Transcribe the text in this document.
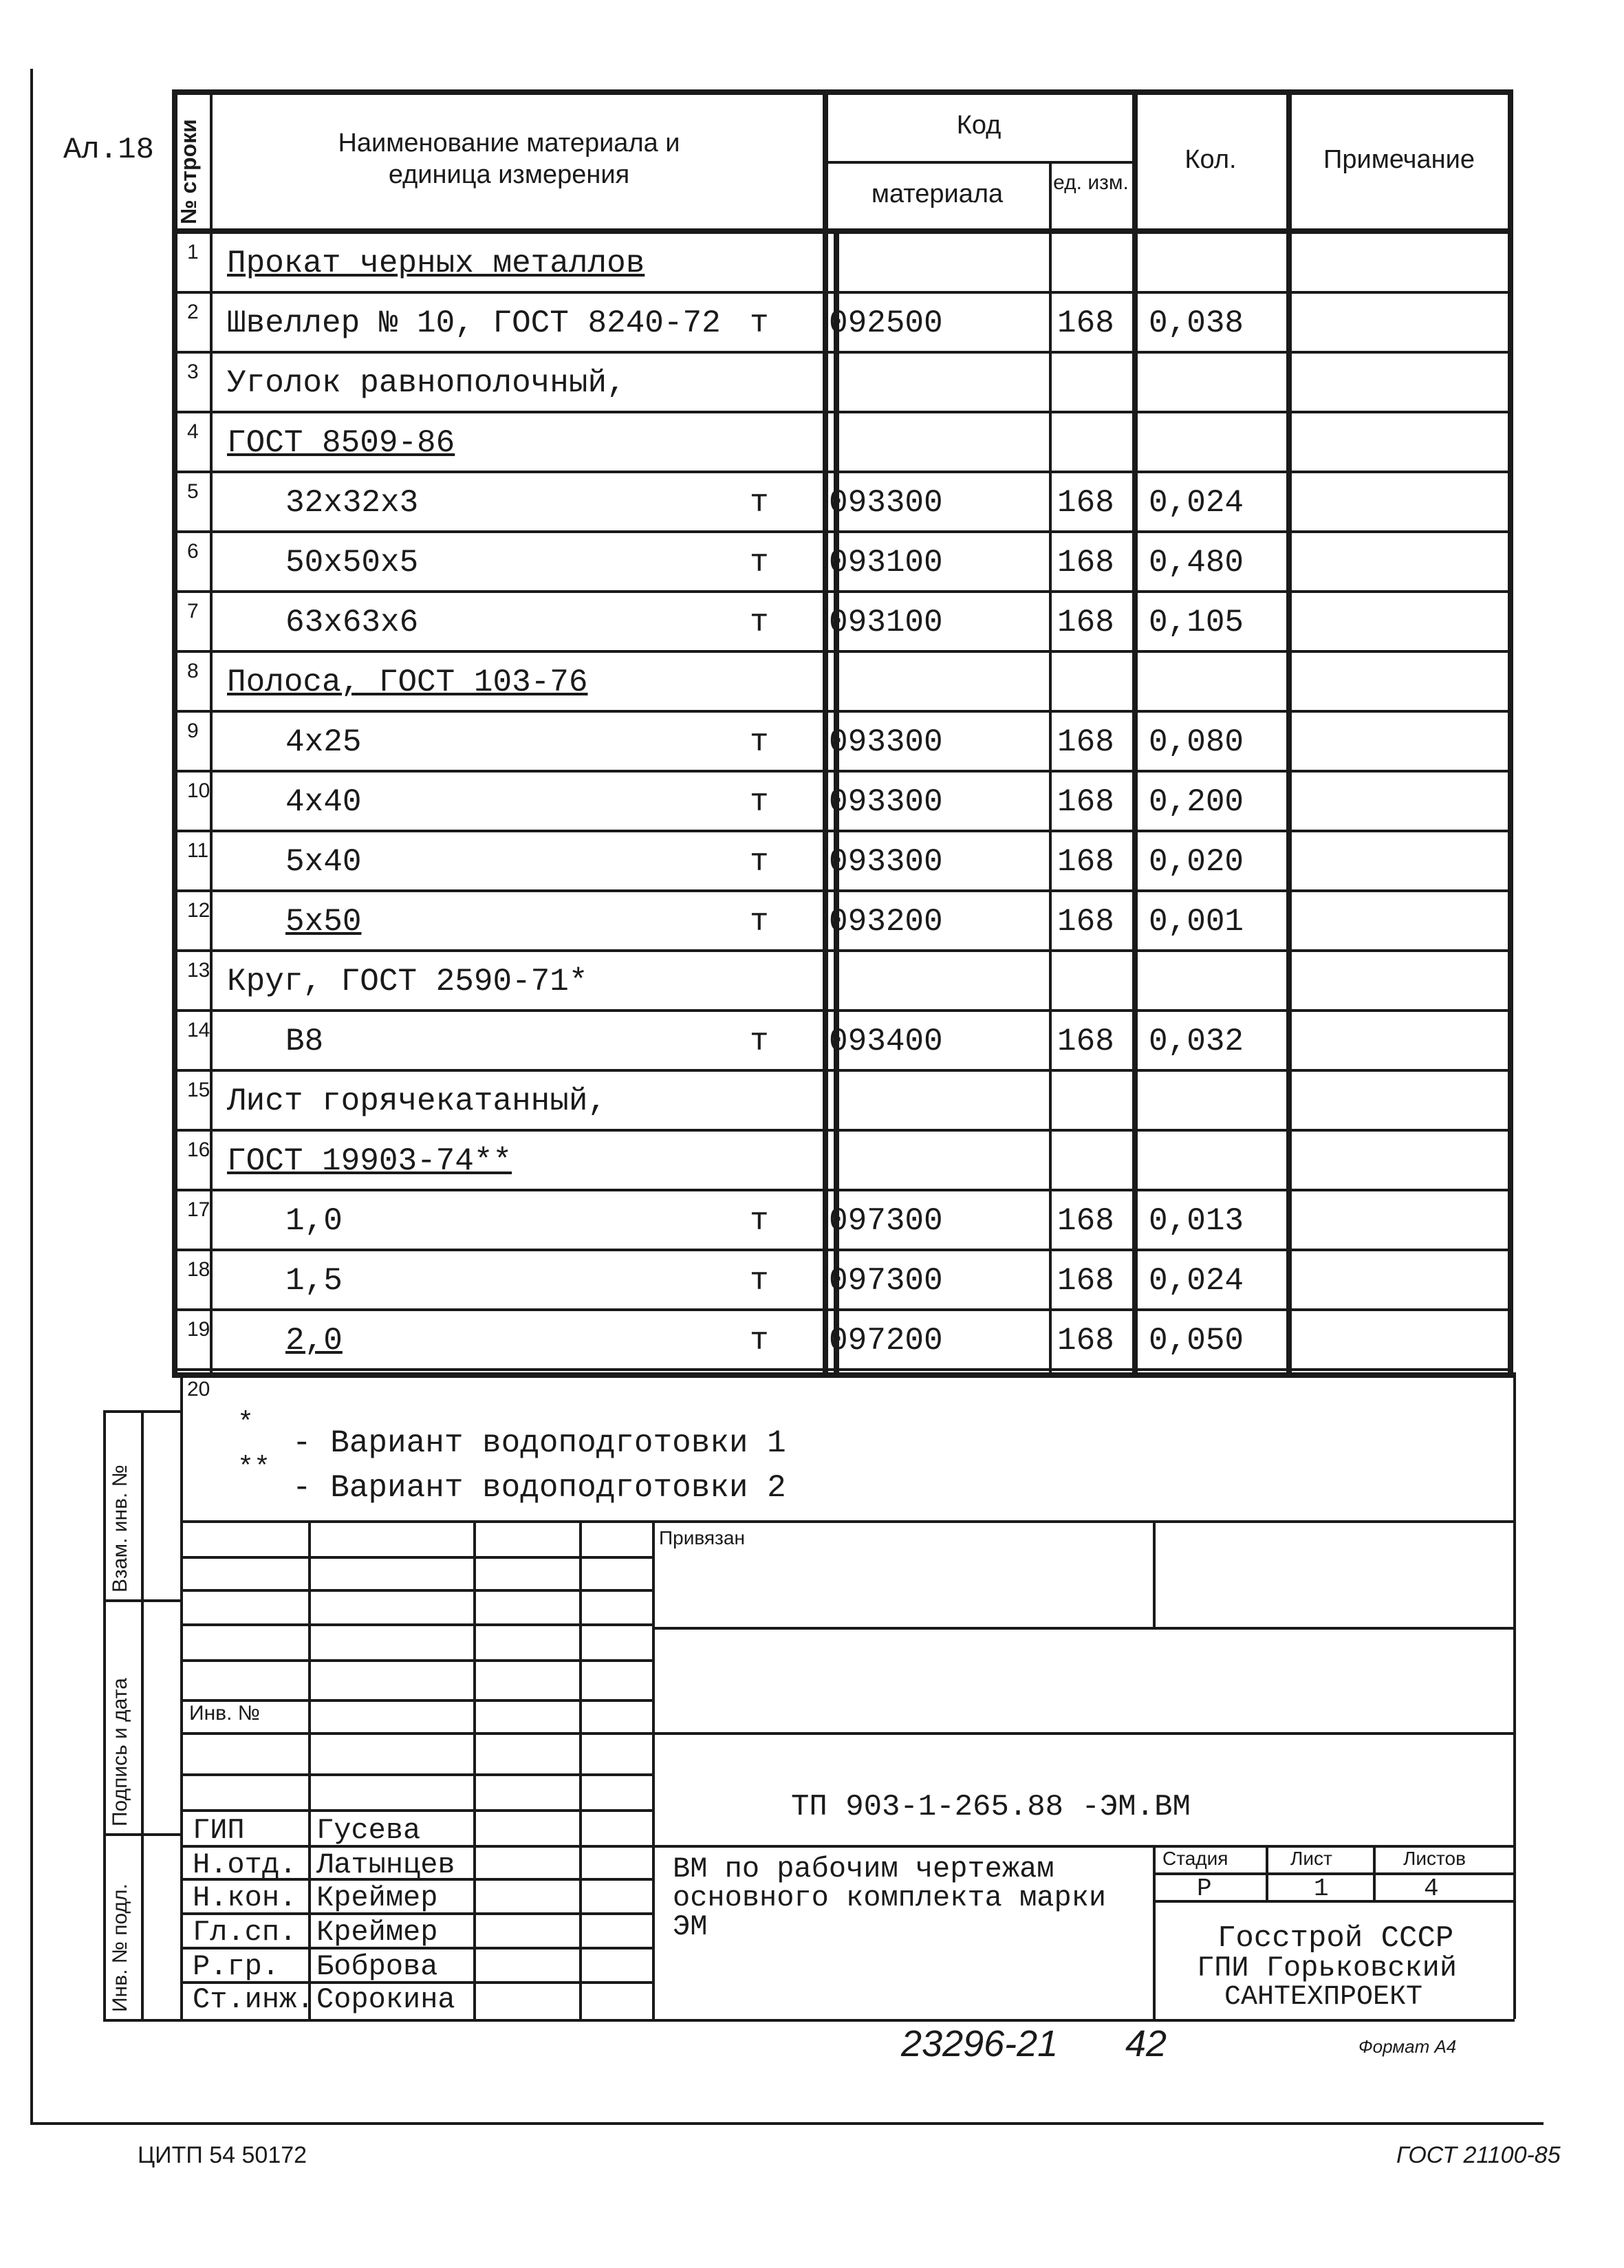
Ал.18 № строки	Наименование материала и единица измерения
Код
материала	ед. изм.
Кол.	Примечание
1 Прокат черных металлов
2 Швеллер № 10, ГОСТ 8240-72 т 092500	168 0,038
3 Уголок равнополочный,
4 ГОСТ 8509-86
5	32х32х3	т 093300	168 0,024
6	50х50х5	т 093100	168 0,480
7	63х63х6	т 093100	168 0,105
8 Полоса, ГОСТ 103-76
9	4х25	т 093300	168 0,080
10 4х40	т 093300	168 0,200
11 5х40	т 093300	168 0,020
12 5х50	т 093200	168 0,001
13 Круг, ГОСТ 2590-71*
14 В8	т 093400	168 0,032
15 Лист горячекатанный,
16 ГОСТ 19903-74**
17 1,0	т 097300	168 0,013
18 1,5	т 097300	168 0,024
19 2,0	т 097200	168 0,050
20
*
- Вариант водоподготовки 1
**
- Вариант водоподготовки 2
Взам. инв. №
Подпись и дата
Инв. № подл.
Привязан
Инв. №
ТП 903-1-265.88 -ЭМ.ВМ
ГИП Гусева
Н.отд. Латынцев
Н.кон. Креймер
Гл.сп. Креймер
Р.гр. Боброва
Ст.инж. Сорокина
ВМ по рабочим чертежам
основного комплекта марки
ЭМ
Стадия	Лист	Листов
Р	1	4
Госстрой СССР
ГПИ Горьковский
САНТЕХПРОЕКТ
23296-21 42	Формат А4
ЦИТП 54 50172	ГОСТ 21100-85
